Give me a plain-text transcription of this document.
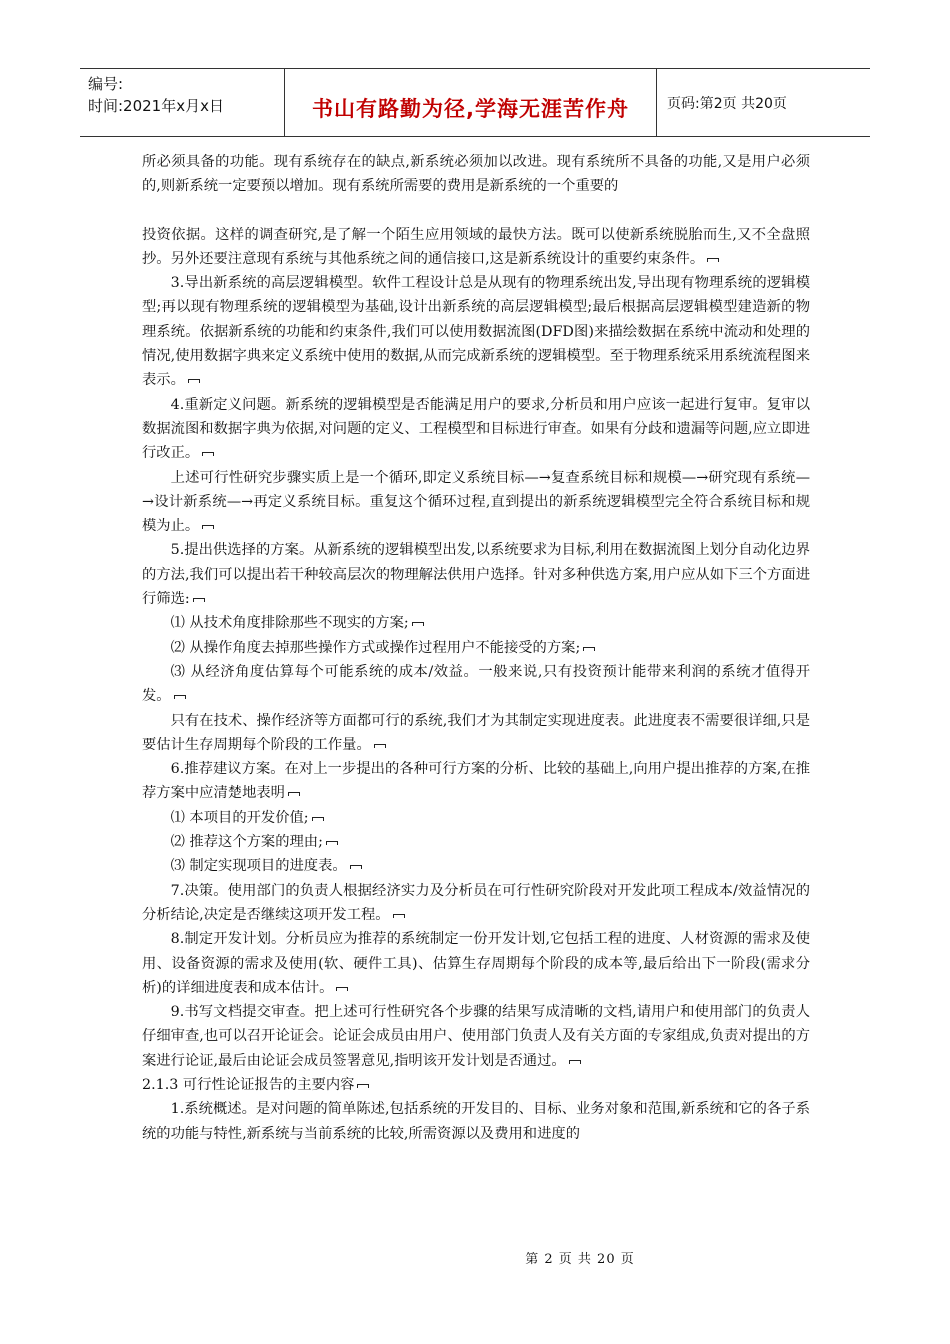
编号:
时间:2021年x月x日	书山有路勤为径,学海无涯苦作舟	页码:第2页 共20页

所必须具备的功能。现有系统存在的缺点,新系统必须加以改进。现有系统所不具备的功能,又是用户必须的,则新系统一定要预以增加。现有系统所需要的费用是新系统的一个重要的

投资依据。这样的调查研究,是了解一个陌生应用领域的最快方法。既可以使新系统脱胎而生,又不全盘照抄。另外还要注意现有系统与其他系统之间的通信接口,这是新系统设计的重要约束条件。

3.导出新系统的高层逻辑模型。软件工程设计总是从现有的物理系统出发,导出现有物理系统的逻辑模型;再以现有物理系统的逻辑模型为基础,设计出新系统的高层逻辑模型;最后根据高层逻辑模型建造新的物理系统。依据新系统的功能和约束条件,我们可以使用数据流图(DFD图)来描绘数据在系统中流动和处理的情况,使用数据字典来定义系统中使用的数据,从而完成新系统的逻辑模型。至于物理系统采用系统流程图来表示。

4.重新定义问题。新系统的逻辑模型是否能满足用户的要求,分析员和用户应该一起进行复审。复审以数据流图和数据字典为依据,对问题的定义、工程模型和目标进行审查。如果有分歧和遗漏等问题,应立即进行改正。

上述可行性研究步骤实质上是一个循环,即定义系统目标—→复查系统目标和规模—→研究现有系统—→设计新系统—→再定义系统目标。重复这个循环过程,直到提出的新系统逻辑模型完全符合系统目标和规模为止。

5.提出供选择的方案。从新系统的逻辑模型出发,以系统要求为目标,利用在数据流图上划分自动化边界的方法,我们可以提出若干种较高层次的物理解法供用户选择。针对多种供选方案,用户应从如下三个方面进行筛选:

⑴ 从技术角度排除那些不现实的方案;

⑵ 从操作角度去掉那些操作方式或操作过程用户不能接受的方案;

⑶ 从经济角度估算每个可能系统的成本/效益。一般来说,只有投资预计能带来利润的系统才值得开发。

只有在技术、操作经济等方面都可行的系统,我们才为其制定实现进度表。此进度表不需要很详细,只是要估计生存周期每个阶段的工作量。

6.推荐建议方案。在对上一步提出的各种可行方案的分析、比较的基础上,向用户提出推荐的方案,在推荐方案中应清楚地表明

⑴ 本项目的开发价值;

⑵ 推荐这个方案的理由;

⑶ 制定实现项目的进度表。

7.决策。使用部门的负责人根据经济实力及分析员在可行性研究阶段对开发此项工程成本/效益情况的分析结论,决定是否继续这项开发工程。

8.制定开发计划。分析员应为推荐的系统制定一份开发计划,它包括工程的进度、人材资源的需求及使用、设备资源的需求及使用(软、硬件工具)、估算生存周期每个阶段的成本等,最后给出下一阶段(需求分析)的详细进度表和成本估计。

9.书写文档提交审查。把上述可行性研究各个步骤的结果写成清晰的文档,请用户和使用部门的负责人仔细审查,也可以召开论证会。论证会成员由用户、使用部门负责人及有关方面的专家组成,负责对提出的方案进行论证,最后由论证会成员签署意见,指明该开发计划是否通过。

2.1.3 可行性论证报告的主要内容

1.系统概述。是对问题的简单陈述,包括系统的开发目的、目标、业务对象和范围,新系统和它的各子系统的功能与特性,新系统与当前系统的比较,所需资源以及费用和进度的

第 2 页 共 20 页
